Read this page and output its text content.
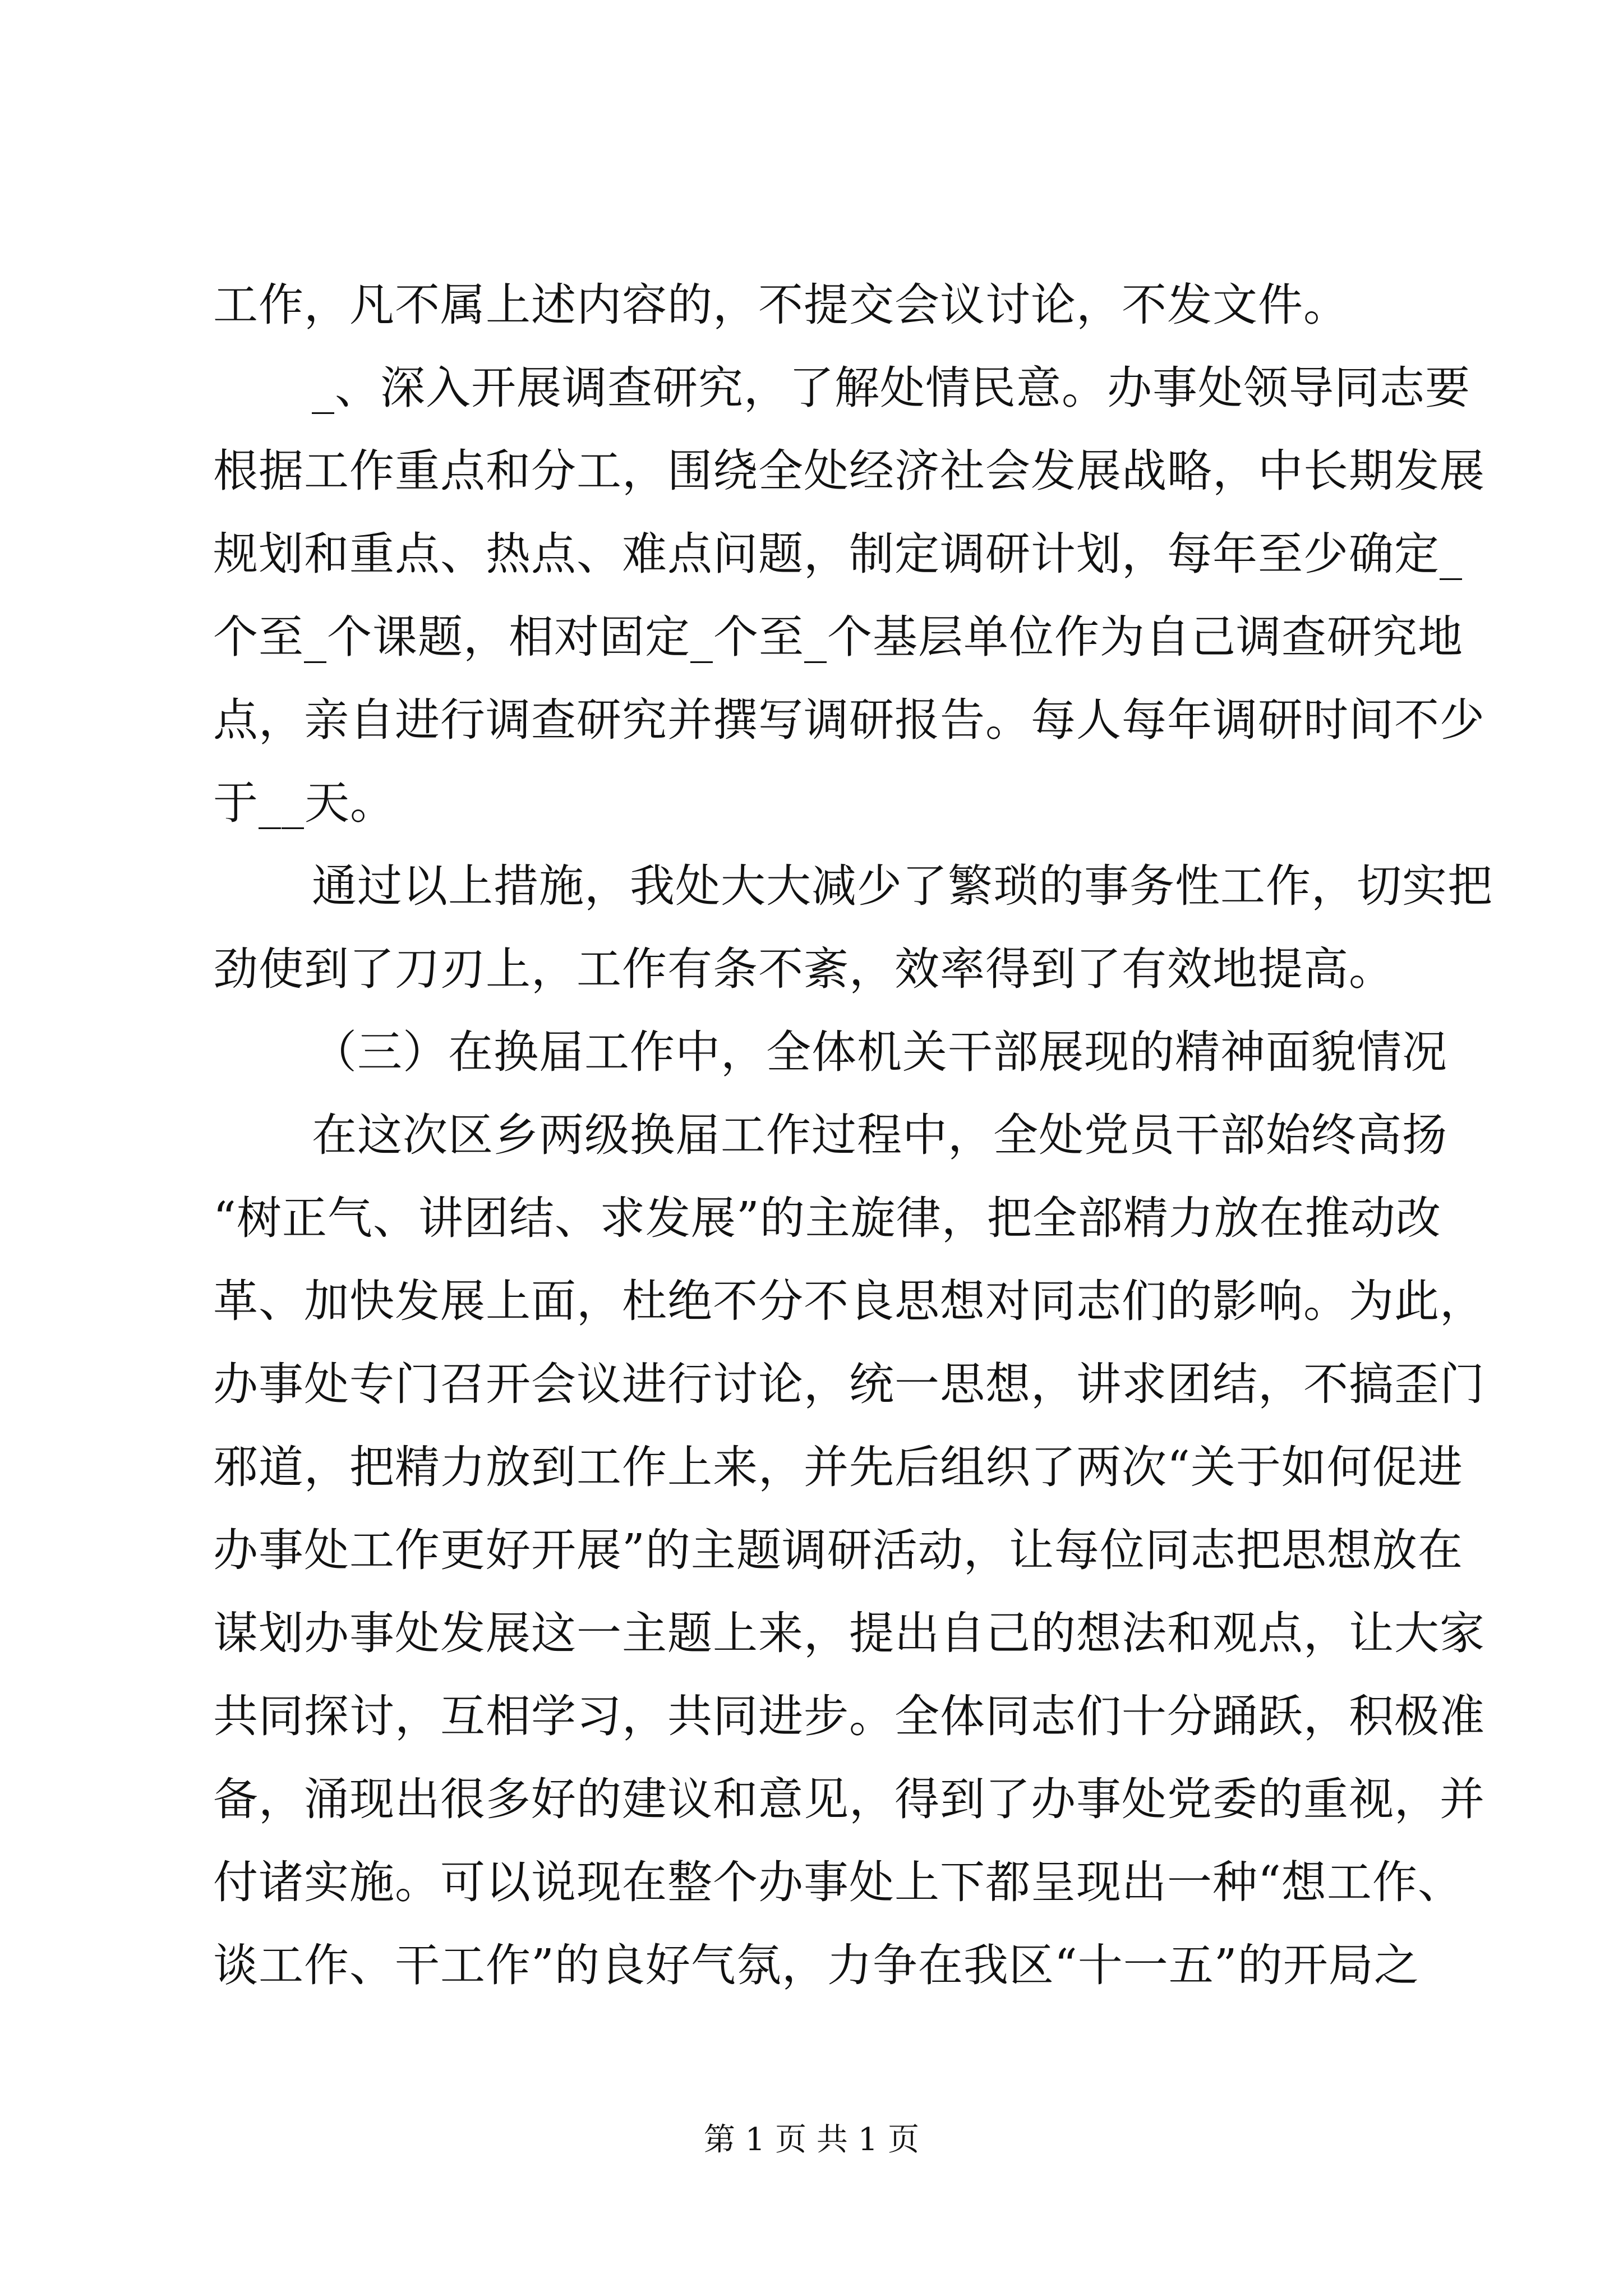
工作，凡不属上述内容的，不提交会议讨论，不发文件。
_、深入开展调查研究，了解处情民意。办事处领导同志要
根据工作重点和分工，围绕全处经济社会发展战略，中长期发展
规划和重点、热点、难点问题，制定调研计划，每年至少确定_
个至_个课题，相对固定_个至_个基层单位作为自己调查研究地
点，亲自进行调查研究并撰写调研报告。每人每年调研时间不少
于__天。
通过以上措施，我处大大减少了繁琐的事务性工作，切实把
劲使到了刀刃上，工作有条不紊，效率得到了有效地提高。
（三）在换届工作中，全体机关干部展现的精神面貌情况
在这次区乡两级换届工作过程中，全处党员干部始终高扬
“树正气、讲团结、求发展”的主旋律，把全部精力放在推动改
革、加快发展上面，杜绝不分不良思想对同志们的影响。为此，
办事处专门召开会议进行讨论，统一思想，讲求团结，不搞歪门
邪道，把精力放到工作上来，并先后组织了两次“关于如何促进
办事处工作更好开展”的主题调研活动，让每位同志把思想放在
谋划办事处发展这一主题上来，提出自己的想法和观点，让大家
共同探讨，互相学习，共同进步。全体同志们十分踊跃，积极准
备，涌现出很多好的建议和意见，得到了办事处党委的重视，并
付诸实施。可以说现在整个办事处上下都呈现出一种“想工作、
谈工作、干工作”的良好气氛，力争在我区“十一五”的开局之
第 1 页 共 1 页
